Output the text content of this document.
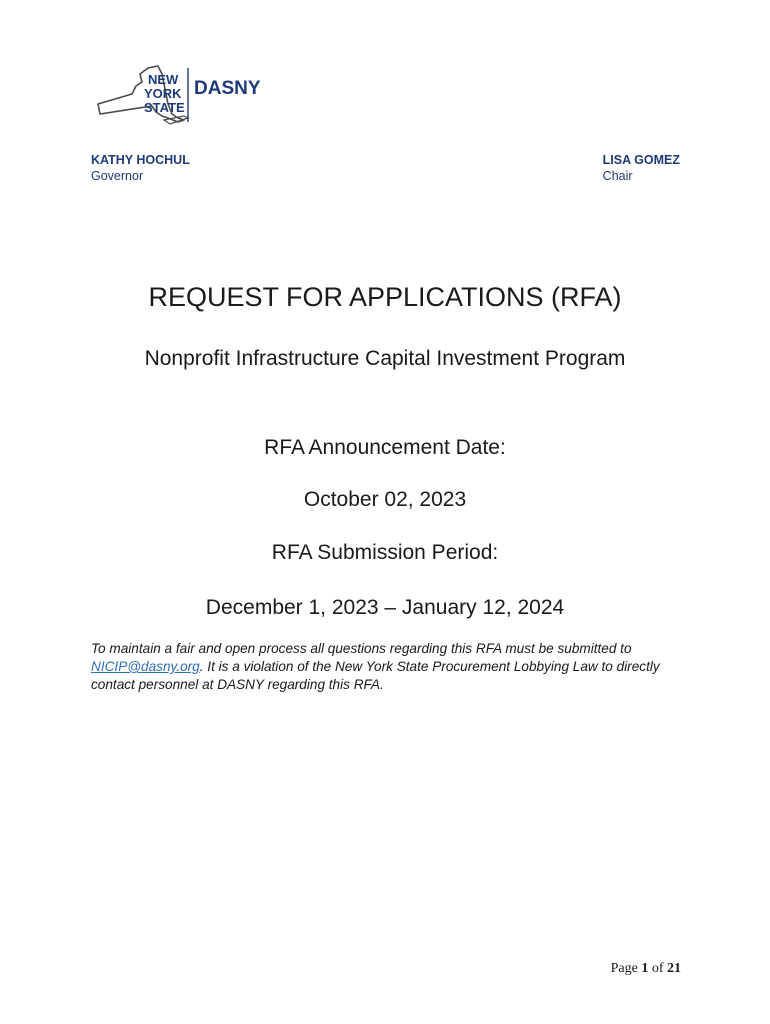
NEW
YORK
STATE
DASNY
KATHY HOCHUL
Governor
LISA GOMEZ
Chair
REQUEST FOR APPLICATIONS (RFA)
Nonprofit Infrastructure Capital Investment Program
RFA Announcement Date:
October 02, 2023
RFA Submission Period:
December 1, 2023 – January 12, 2024
To maintain a fair and open process all questions regarding this RFA must be submitted to NICIP@dasny.org. It is a violation of the New York State Procurement Lobbying Law to directly contact personnel at DASNY regarding this RFA.
Page 1 of 21
